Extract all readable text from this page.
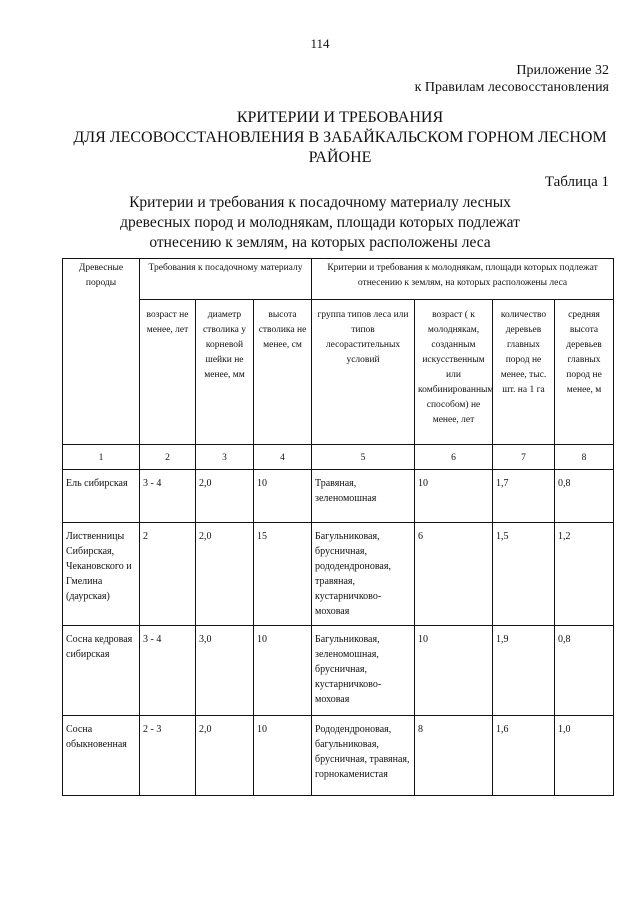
114
Приложение 32
к Правилам лесовосстановления
КРИТЕРИИ И ТРЕБОВАНИЯ
ДЛЯ ЛЕСОВОССТАНОВЛЕНИЯ В ЗАБАЙКАЛЬСКОМ ГОРНОМ ЛЕСНОМ
РАЙОНЕ
Таблица 1
Критерии и требования к посадочному материалу лесных
древесных пород и молоднякам, площади которых подлежат
отнесению к землям, на которых расположены леса
Древесные породы	Требования к посадочному материалу			Критерии и требования к молоднякам, площади которых подлежат отнесению к землям, на которых расположены леса			
	возраст не менее, лет	диаметр стволика у корневой шейки не менее, мм	высота стволика не менее, см	группа типов леса или типов лесорастительных условий	возраст ( к молоднякам, созданным искусственным или комбинированным способом) не менее, лет	количество деревьев главных пород не менее, тыс. шт. на 1 га	средняя высота деревьев главных пород не менее, м
1	2	3	4	5	6	7	8
Ель сибирская	3 - 4	2,0	10	Травяная, зеленомошная	10	1,7	0,8
Лиственницы Сибирская, Чекановского и Гмелина (даурская)	2	2,0	15	Багульниковая, брусничная, рододендроновая, травяная, кустарничково-моховая	6	1,5	1,2
Сосна кедровая сибирская	3 - 4	3,0	10	Багульниковая, зеленомошная, брусничная, кустарничково-моховая	10	1,9	0,8
Сосна обыкновенная	2 - 3	2,0	10	Рододендроновая, багульниковая, брусничная, травяная, горнокаменистая	8	1,6	1,0
